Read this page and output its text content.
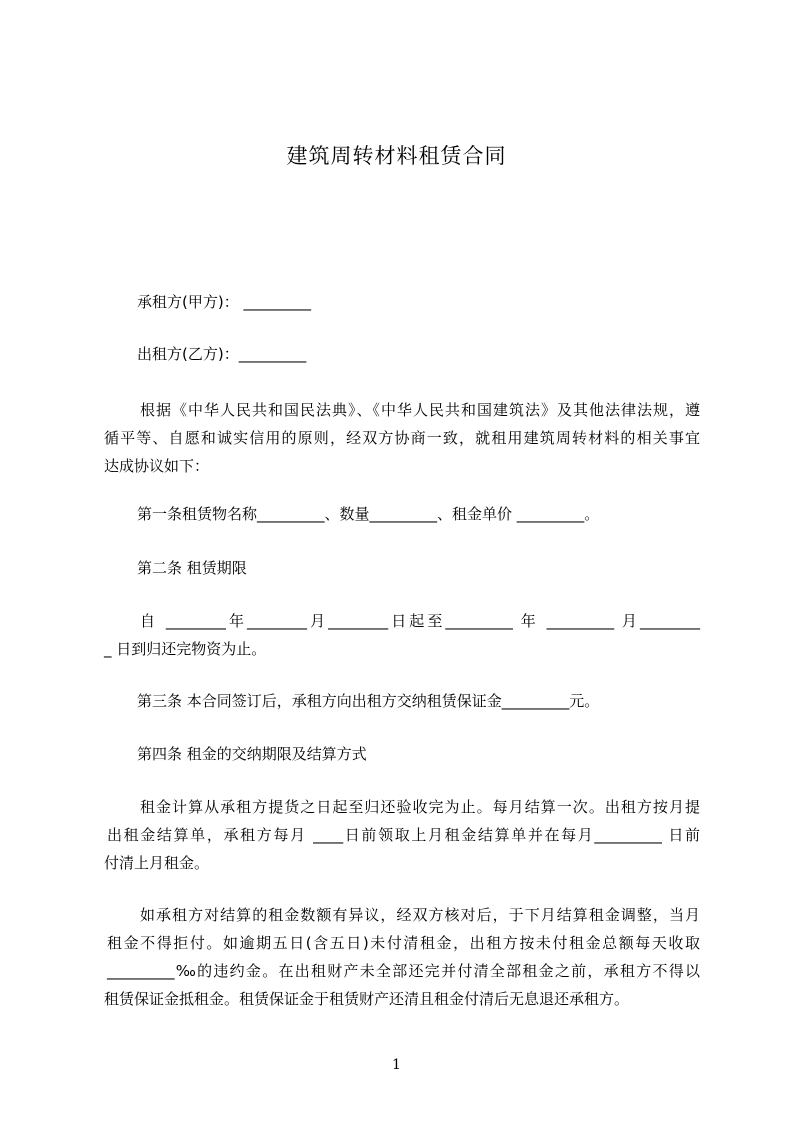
建筑周转材料租赁合同
承租方(甲方)： _________
出租方(乙方)：_________
根据《中华人民共和国民法典》、《中华人民共和国建筑法》及其他法律法规，遵
循平等、自愿和诚实信用的原则，经双方协商一致，就租用建筑周转材料的相关事宜
达成协议如下：
第一条租赁物名称_________、数量_________、租金单价 _________。
第二条 租赁期限
自 ________年________月________日起至_________ 年 _________ 月________
_ 日到归还完物资为止。
第三条 本合同签订后，承租方向出租方交纳租赁保证金_________元。
第四条 租金的交纳期限及结算方式
租金计算从承租方提货之日起至归还验收完为止。每月结算一次。出租方按月提
出租金结算单，承租方每月 ____日前领取上月租金结算单并在每月_________ 日前
付清上月租金。
如承租方对结算的租金数额有异议，经双方核对后，于下月结算租金调整，当月
租金不得拒付。如逾期五日(含五日)未付清租金，出租方按未付租金总额每天收取
_________‰的违约金。在出租财产未全部还完并付清全部租金之前，承租方不得以
租赁保证金抵租金。租赁保证金于租赁财产还清且租金付清后无息退还承租方。
1
